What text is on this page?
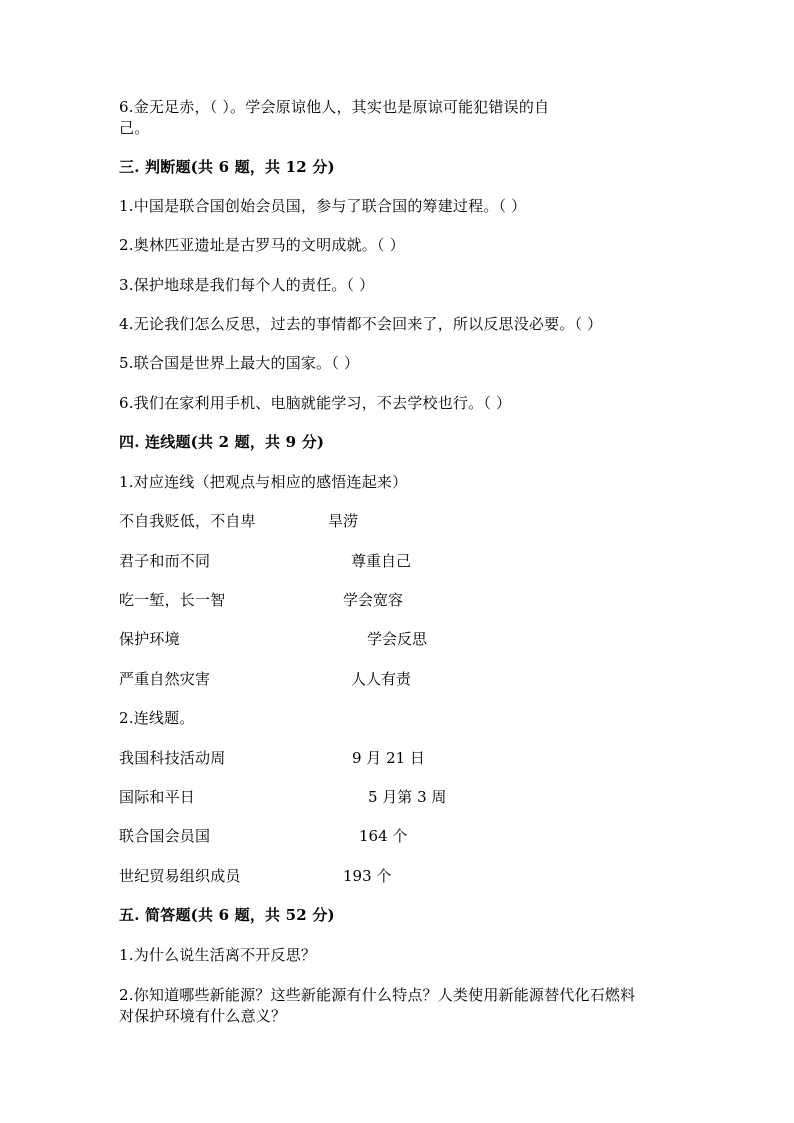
6.金无足赤，（ ）。学会原谅他人，其实也是原谅可能犯错误的自
己。
三. 判断题(共 6 题，共 12 分)
1.中国是联合国创始会员国，参与了联合国的筹建过程。（ ）
2.奥林匹亚遗址是古罗马的文明成就。（ ）
3.保护地球是我们每个人的责任。（ ）
4.无论我们怎么反思，过去的事情都不会回来了，所以反思没必要。（ ）
5.联合国是世界上最大的国家。（ ）
6.我们在家利用手机、电脑就能学习，不去学校也行。（ ）
四. 连线题(共 2 题，共 9 分)
1.对应连线（把观点与相应的感悟连起来）
不自我贬低，不自卑	旱涝
君子和而不同	尊重自己
吃一堑，长一智	学会宽容
保护环境	学会反思
严重自然灾害	人人有责
2.连线题。
我国科技活动周	9 月 21 日
国际和平日	5 月第 3 周
联合国会员国	164 个
世纪贸易组织成员	193 个
五. 简答题(共 6 题，共 52 分)
1.为什么说生活离不开反思？
2.你知道哪些新能源？这些新能源有什么特点？人类使用新能源替代化石燃料
对保护环境有什么意义？
